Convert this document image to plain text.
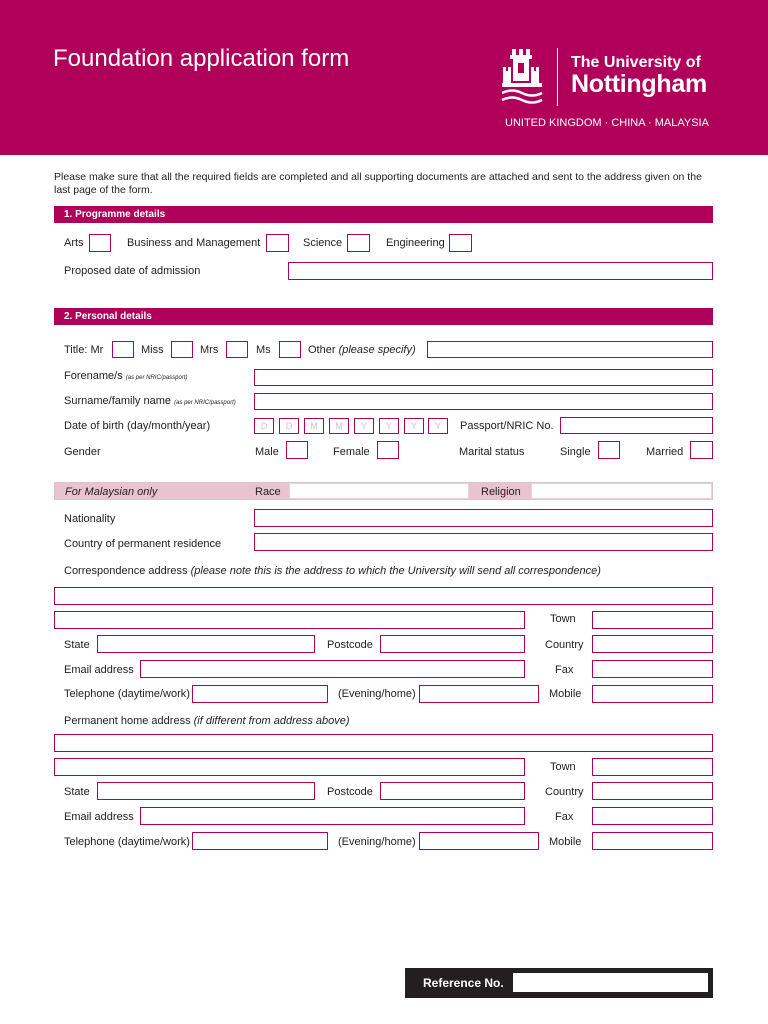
Foundation application form	The University of
Nottingham
UNITED KINGDOM · CHINA · MALAYSIA
Please make sure that all the required fields are completed and all supporting documents are attached and sent to the address given on the last page of the form.
1. Programme details
Arts	Business and Management	Science	Engineering
Proposed date of admission
2. Personal details
Title: Mr	Miss	Mrs	Ms	Other (please specify)
Forename/s (as per NRIC/passport)
Surname/family name (as per NRIC/passport)
Date of birth (day/month/year)	D	D	M	M	Y	Y	Y	Y	Passport/NRIC No.
Gender	Male	Female	Marital status	Single	Married
For Malaysian only	Race	Religion
Nationality
Country of permanent residence
Correspondence address (please note this is the address to which the University will send all correspondence)
Town
State	Postcode	Country
Email address	Fax
Telephone (daytime/work)	(Evening/home)	Mobile
Permanent home address (if different from address above)
Town
State	Postcode	Country
Email address	Fax
Telephone (daytime/work)	(Evening/home)	Mobile
Reference No.
